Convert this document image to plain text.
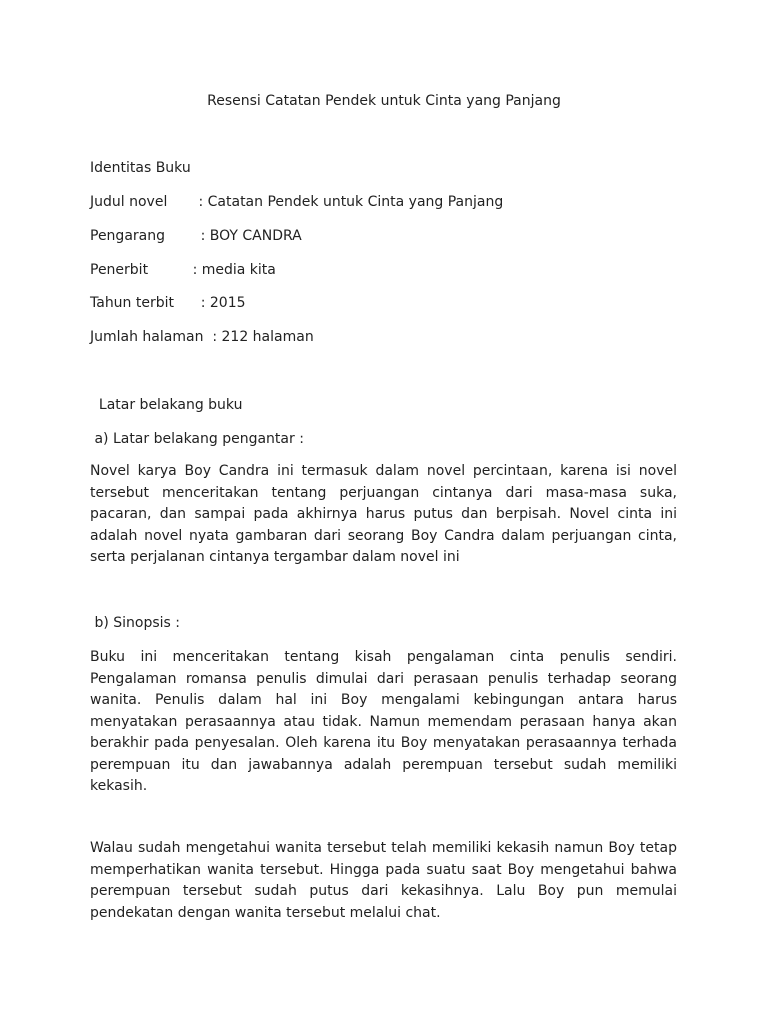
Resensi Catatan Pendek untuk Cinta yang Panjang
Identitas Buku
Judul novel       : Catatan Pendek untuk Cinta yang Panjang
Pengarang        : BOY CANDRA
Penerbit          : media kita
Tahun terbit      : 2015
Jumlah halaman  : 212 halaman
Latar belakang buku
a) Latar belakang pengantar :
Novel karya Boy Candra ini termasuk dalam novel percintaan, karena isi novel tersebut menceritakan tentang perjuangan cintanya dari masa-masa suka, pacaran, dan sampai pada akhirnya harus putus dan berpisah. Novel cinta ini adalah novel nyata gambaran dari seorang Boy Candra dalam perjuangan cinta, serta perjalanan cintanya tergambar dalam novel ini
b) Sinopsis :
Buku ini menceritakan tentang kisah pengalaman cinta penulis sendiri. Pengalaman romansa penulis dimulai dari perasaan penulis terhadap seorang wanita. Penulis dalam hal ini Boy mengalami kebingungan antara harus menyatakan perasaannya atau tidak. Namun memendam perasaan hanya akan berakhir pada penyesalan. Oleh karena itu Boy menyatakan perasaannya terhada perempuan itu dan jawabannya adalah perempuan tersebut sudah memiliki kekasih.
Walau sudah mengetahui wanita tersebut telah memiliki kekasih namun Boy tetap memperhatikan wanita tersebut. Hingga pada suatu saat Boy mengetahui bahwa perempuan tersebut sudah putus dari kekasihnya. Lalu Boy pun memulai pendekatan dengan wanita tersebut melalui chat.
